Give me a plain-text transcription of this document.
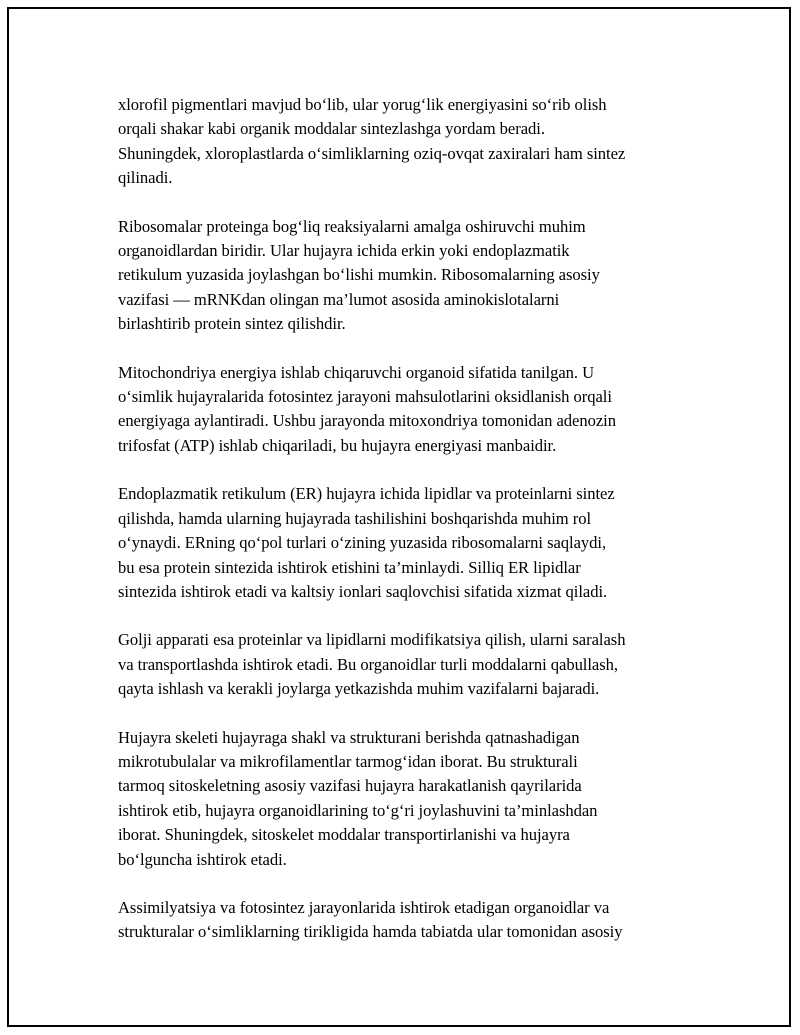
xlorofil pigmentlari mavjud bo‘lib, ular yorug‘lik energiyasini so‘rib olish
orqali shakar kabi organik moddalar sintezlashga yordam beradi.
Shuningdek, xloroplastlarda o‘simliklarning oziq-ovqat zaxiralari ham sintez
qilinadi.

Ribosomalar proteinga bog‘liq reaksiyalarni amalga oshiruvchi muhim
organoidlardan biridir. Ular hujayra ichida erkin yoki endoplazmatik
retikulum yuzasida joylashgan bo‘lishi mumkin. Ribosomalarning asosiy
vazifasi — mRNKdan olingan ma’lumot asosida aminokislotalarni
birlashtirib protein sintez qilishdir.

Mitochondriya energiya ishlab chiqaruvchi organoid sifatida tanilgan. U
o‘simlik hujayralarida fotosintez jarayoni mahsulotlarini oksidlanish orqali
energiyaga aylantiradi. Ushbu jarayonda mitoxondriya tomonidan adenozin
trifosfat (ATP) ishlab chiqariladi, bu hujayra energiyasi manbaidir.

Endoplazmatik retikulum (ER) hujayra ichida lipidlar va proteinlarni sintez
qilishda, hamda ularning hujayrada tashilishini boshqarishda muhim rol
o‘ynaydi. ERning qo‘pol turlari o‘zining yuzasida ribosomalarni saqlaydi,
bu esa protein sintezida ishtirok etishini ta’minlaydi. Silliq ER lipidlar
sintezida ishtirok etadi va kaltsiy ionlari saqlovchisi sifatida xizmat qiladi.

Golji apparati esa proteinlar va lipidlarni modifikatsiya qilish, ularni saralash
va transportlashda ishtirok etadi. Bu organoidlar turli moddalarni qabullash,
qayta ishlash va kerakli joylarga yetkazishda muhim vazifalarni bajaradi.

Hujayra skeleti hujayraga shakl va strukturani berishda qatnashadigan
mikrotubulalar va mikrofilamentlar tarmog‘idan iborat. Bu strukturali
tarmoq sitoskeletning asosiy vazifasi hujayra harakatlanish qayrilarida
ishtirok etib, hujayra organoidlarining to‘g‘ri joylashuvini ta’minlashdan
iborat. Shuningdek, sitoskelet moddalar transportirlanishi va hujayra
bo‘lguncha ishtirok etadi.

Assimilyatsiya va fotosintez jarayonlarida ishtirok etadigan organoidlar va
strukturalar o‘simliklarning tirikligida hamda tabiatda ular tomonidan asosiy
